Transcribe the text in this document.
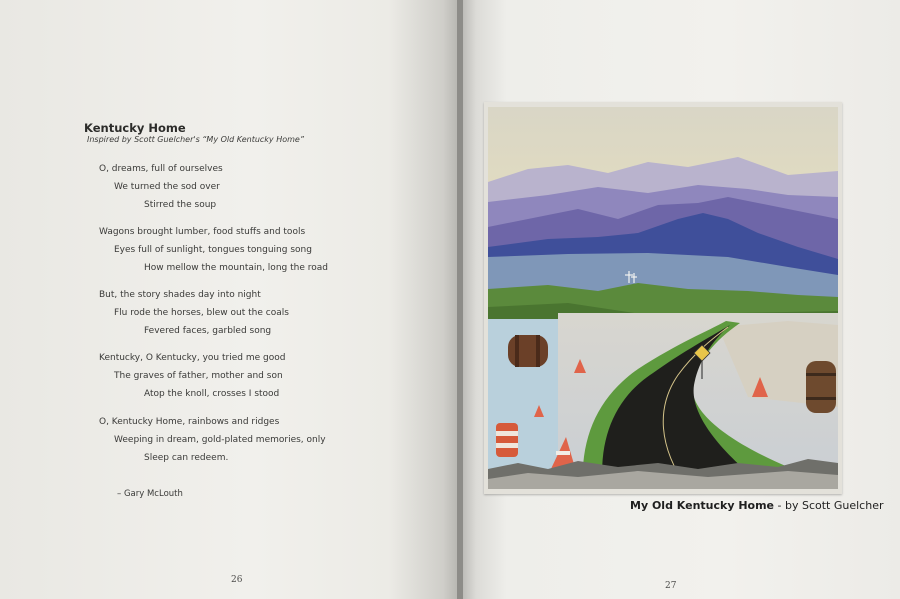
Kentucky Home
Inspired by Scott Guelcher's “My Old Kentucky Home”
O, dreams, full of ourselves
We turned the sod over
Stirred the soup
Wagons brought lumber, food stuffs and tools
Eyes full of sunlight, tongues tonguing song
How mellow the mountain, long the road
But, the story shades day into night
Flu rode the horses, blew out the coals
Fevered faces, garbled song
Kentucky, O Kentucky, you tried me good
The graves of father, mother and son
Atop the knoll, crosses I stood
O, Kentucky Home, rainbows and ridges
Weeping in dream, gold-plated memories, only
Sleep can redeem.
– Gary McLouth
26
27
My Old Kentucky Home - by Scott Guelcher
